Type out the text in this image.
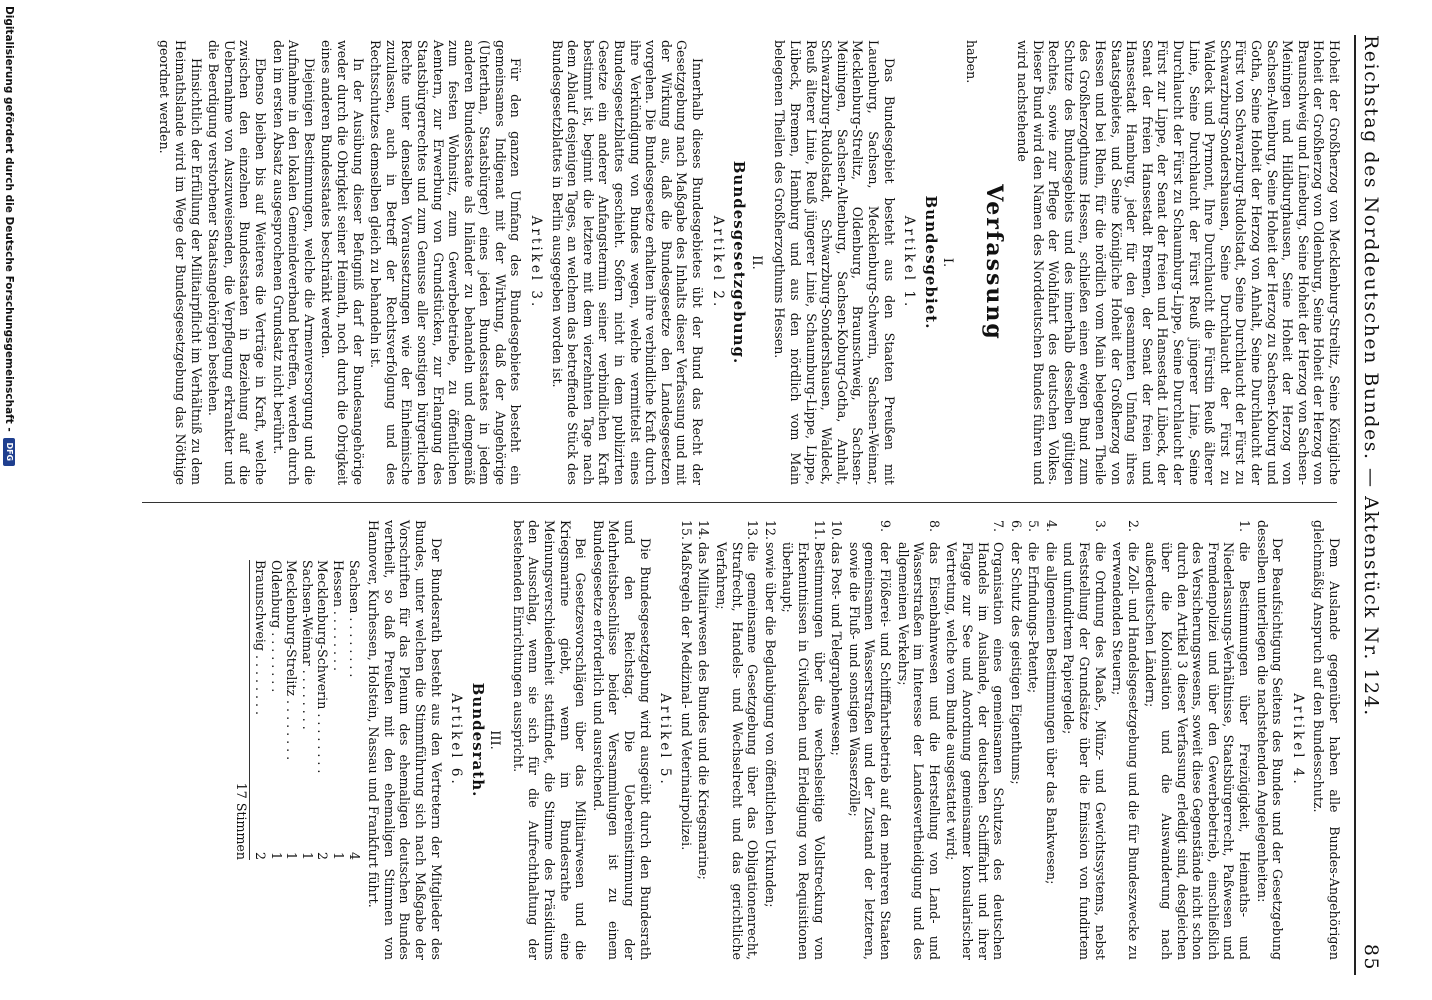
Reichstag des Norddeutschen Bundes. — Aktenstück Nr. 124.
85

Hoheit der Großherzog von Mecklenburg-Strelitz, Seine Königliche Hoheit der Großherzog von Oldenburg, Seine Hoheit der Herzog von Braunschweig und Lüneburg, Seine Hoheit der Herzog von Sachsen-Meiningen und Hildburghausen, Seine Hoheit der Herzog von Sachsen-Altenburg, Seine Hoheit der Herzog zu Sachsen-Koburg und Gotha, Seine Hoheit der Herzog von Anhalt, Seine Durchlaucht der Fürst von Schwarzburg-Rudolstadt, Seine Durchlaucht der Fürst zu Schwarzburg-Sondershausen, Seine Durchlaucht der Fürst zu Waldeck und Pyrmont, Ihre Durchlaucht die Fürstin Reuß älterer Linie, Seine Durchlaucht der Fürst Reuß jüngerer Linie, Seine Durchlaucht der Fürst zu Schaumburg-Lippe, Seine Durchlaucht der Fürst zur Lippe, der Senat der freien und Hansestadt Lübeck, der Senat der freien Hansestadt Bremen, der Senat der freien und Hansestadt Hamburg, jeder für den gesammten Umfang ihres Staatsgebietes, und Seine Königliche Hoheit der Großherzog von Hessen und bei Rhein, für die nördlich vom Main belegenen Theile des Großherzogthums Hessen, schließen einen ewigen Bund zum Schutze des Bundesgebiets und des innerhalb desselben gültigen Rechtes, sowie zur Pflege der Wohlfahrt des deutschen Volkes. Dieser Bund wird den Namen des Norddeutschen Bundes führen und wird nachstehende

Verfassung

haben.

I.
Bundesgebiet.
Artikel 1.

Das Bundesgebiet besteht aus den Staaten Preußen mit Lauenburg, Sachsen, Mecklenburg-Schwerin, Sachsen-Weimar, Mecklenburg-Strelitz, Oldenburg, Braunschweig, Sachsen-Meiningen, Sachsen-Altenburg, Sachsen-Koburg-Gotha, Anhalt, Schwarzburg-Rudolstadt, Schwarzburg-Sondershausen, Waldeck, Reuß älterer Linie, Reuß jüngerer Linie, Schaumburg-Lippe, Lippe, Lübeck, Bremen, Hamburg und aus den nördlich vom Main belegenen Theilen des Großherzogthums Hessen.

II.
Bundesgesetzgebung.
Artikel 2.

Innerhalb dieses Bundesgebietes übt der Bund das Recht der Gesetzgebung nach Maßgabe des Inhalts dieser Verfassung und mit der Wirkung aus, daß die Bundesgesetze den Landesgesetzen vorgehen. Die Bundesgesetze erhalten ihre verbindliche Kraft durch ihre Verkündigung von Bundes wegen, welche vermittelst eines Bundesgesetzblattes geschieht. Sofern nicht in dem publizirten Gesetze ein anderer Anfangstermin seiner verbindlichen Kraft bestimmt ist, beginnt die letztere mit dem vierzehnten Tage nach dem Ablauf desjenigen Tages, an welchem das betreffende Stück des Bundesgesetzblattes in Berlin ausgegeben worden ist.

Artikel 3.

Für den ganzen Umfang des Bundesgebietes besteht ein gemeinsames Indigenat mit der Wirkung, daß der Angehörige (Unterthan, Staatsbürger) eines jeden Bundesstaates in jedem anderen Bundesstaate als Inländer zu behandeln und demgemäß zum festen Wohnsitz, zum Gewerbebetriebe, zu öffentlichen Aemtern, zur Erwerbung von Grundstücken, zur Erlangung des Staatsbürgerrechtes und zum Genusse aller sonstigen bürgerlichen Rechte unter denselben Voraussetzungen wie der Einheimische zuzulassen, auch in Betreff der Rechtsverfolgung und des Rechtsschutzes demselben gleich zu behandeln ist.

In der Ausübung dieser Befugniß darf der Bundesangehörige weder durch die Obrigkeit seiner Heimath, noch durch die Obrigkeit eines anderen Bundesstaates beschränkt werden.

Diejenigen Bestimmungen, welche die Armenversorgung und die Aufnahme in den lokalen Gemeindeverband betreffen, werden durch den im ersten Absatz ausgesprochenen Grundsatz nicht berührt.

Ebenso bleiben bis auf Weiteres die Verträge in Kraft, welche zwischen den einzelnen Bundesstaaten in Beziehung auf die Uebernahme von Auszuweisenden, die Verpflegung erkrankter und die Beerdigung verstorbener Staatsangehörigen bestehen.

Hinsichtlich der Erfüllung der Militairpflicht im Verhältniß zu dem Heimathslande wird im Wege der Bundesgesetzgebung das Nöthige geordnet werden.

Dem Auslande gegenüber haben alle Bundes-Angehörigen gleichmäßig Anspruch auf den Bundesschutz.

Artikel 4.

Der Beaufsichtigung Seitens des Bundes und der Gesetzgebung desselben unterliegen die nachstehenden Angelegenheiten:

1.
die Bestimmungen über Freizügigkeit, Heimaths- und Niederlassungs-Verhältnisse, Staatsbürgerrecht, Paßwesen und Fremdenpolizei und über den Gewerbebetrieb, einschließlich des Versicherungswesens, soweit diese Gegenstände nicht schon durch den Artikel 3 dieser Verfassung erledigt sind, desgleichen über die Kolonisation und die Auswanderung nach außerdeutschen Ländern;
2.
die Zoll- und Handelsgesetzgebung und die für Bundeszwecke zu verwendenden Steuern;
3.
die Ordnung des Maaß-, Münz- und Gewichtssystems, nebst Feststellung der Grundsätze über die Emission von fundirtem und unfundirtem Papiergelde;
4.
die allgemeinen Bestimmungen über das Bankwesen;
5.
die Erfindungs-Patente;
6.
der Schutz des geistigen Eigenthums;
7.
Organisation eines gemeinsamen Schutzes des deutschen Handels im Auslande, der deutschen Schifffahrt und ihrer Flagge zur See und Anordnung gemeinsamer konsularischer Vertretung, welche vom Bunde ausgestattet wird;
8.
das Eisenbahnwesen und die Herstellung von Land- und Wasserstraßen im Interesse der Landesvertheidigung und des allgemeinen Verkehrs;
9.
der Flößerei- und Schifffahrtsbetrieb auf den mehreren Staaten gemeinsamen Wasserstraßen und der Zustand der letzteren, sowie die Fluß- und sonstigen Wasserzölle;
10.
das Post- und Telegraphenwesen;
11.
Bestimmungen über die wechselseitige Vollstreckung von Erkenntnissen in Civilsachen und Erledigung von Requisitionen überhaupt;
12.
sowie über die Beglaubigung von öffentlichen Urkunden;
13.
die gemeinsame Gesetzgebung über das Obligationenrecht, Strafrecht, Handels- und Wechselrecht und das gerichtliche Verfahren;
14.
das Militairwesen des Bundes und die Kriegsmarine;
15.
Maßregeln der Medizinal- und Veterinairpolizei.
Artikel 5.

Die Bundesgesetzgebung wird ausgeübt durch den Bundesrath und den Reichstag. Die Uebereinstimmung der Mehrheitsbeschlüsse beider Versammlungen ist zu einem Bundesgesetze erforderlich und ausreichend.

Bei Gesetzesvorschlägen über das Militairwesen und die Kriegsmarine giebt, wenn im Bundesrathe eine Meinungsverschiedenheit stattfindet, die Stimme des Präsidiums den Ausschlag, wenn sie sich für die Aufrechthaltung der bestehenden Einrichtungen ausspricht.

III.
Bundesrath.
Artikel 6.

Der Bundesrath besteht aus den Vertretern der Mitglieder des Bundes, unter welchen die Stimmführung sich nach Maßgabe der Vorschriften für das Plenum des ehemaligen deutschen Bundes vertheilt, so daß Preußen mit den ehemaligen Stimmen von Hannover, Kurhessen, Holstein, Nassau und Frankfurt führt.

Sachsen . . . . . . . .
4
Hessen . . . . . . . .
1
Mecklenburg-Schwerin . . . . . . . .
2
Sachsen-Weimar . . . . . . . .
1
Mecklenburg-Strelitz . . . . . . . .
1
Oldenburg . . . . . . . .
1
Braunschweig . . . . . . . .
2
17 Stimmen
Digitalisierung gefördert durch die Deutsche Forschungsgemeinschaft -
DFG
